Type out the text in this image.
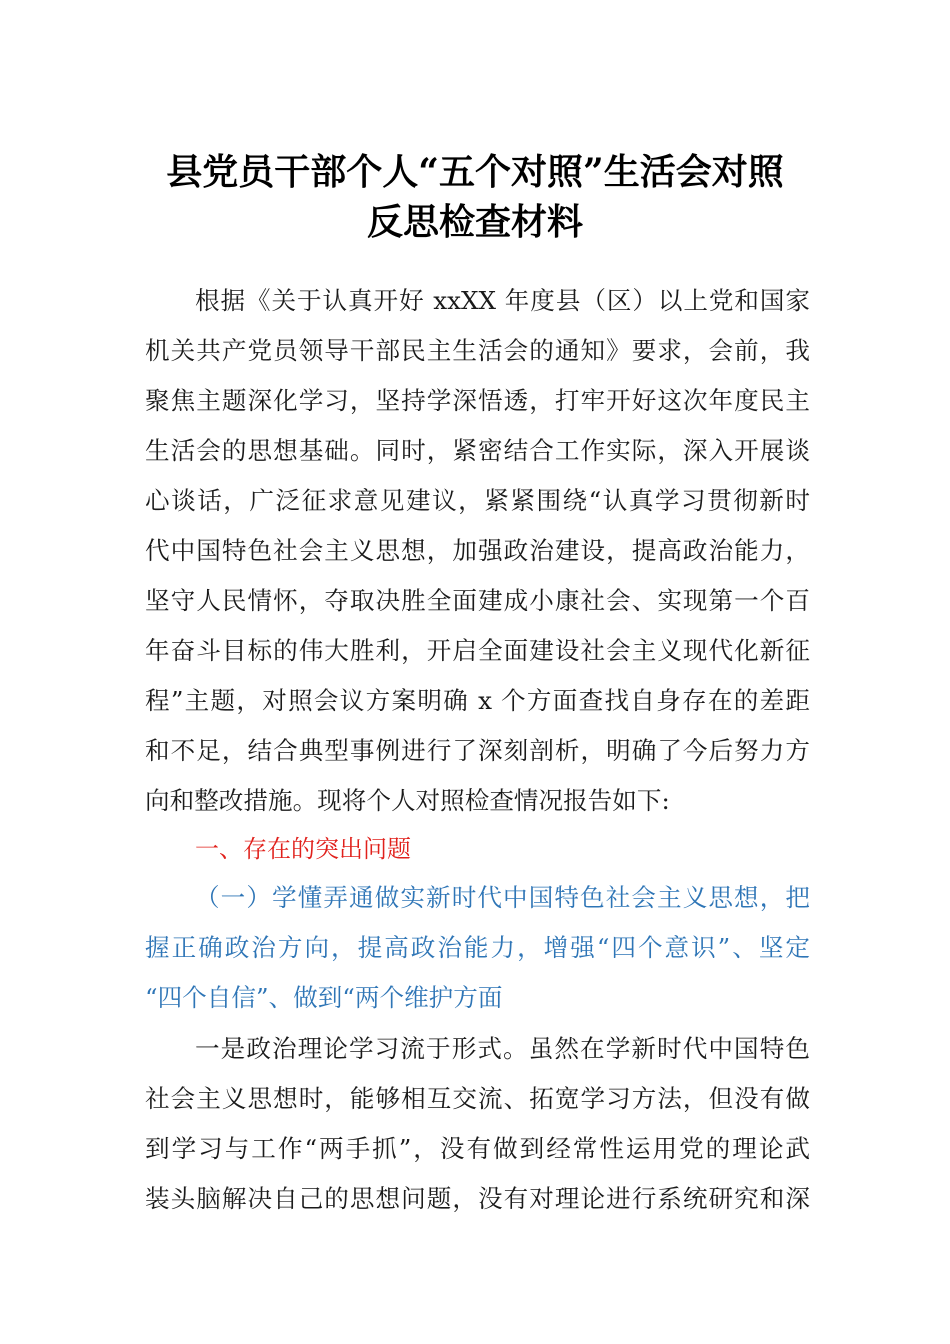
县党员干部个人“五个对照”生活会对照
反思检查材料
根据《关于认真开好 xxXX 年度县（区）以上党和国家
机关共产党员领导干部民主生活会的通知》要求，会前，我
聚焦主题深化学习，坚持学深悟透，打牢开好这次年度民主
生活会的思想基础。同时，紧密结合工作实际，深入开展谈
心谈话，广泛征求意见建议，紧紧围绕“认真学习贯彻新时
代中国特色社会主义思想，加强政治建设，提高政治能力，
坚守人民情怀，夺取决胜全面建成小康社会、实现第一个百
年奋斗目标的伟大胜利，开启全面建设社会主义现代化新征
程”主题，对照会议方案明确 x 个方面查找自身存在的差距
和不足，结合典型事例进行了深刻剖析，明确了今后努力方
向和整改措施。现将个人对照检查情况报告如下:
一、存在的突出问题
（一）学懂弄通做实新时代中国特色社会主义思想，把
握正确政治方向，提高政治能力，增强“四个意识”、坚定
“四个自信”、做到“两个维护方面
一是政治理论学习流于形式。虽然在学新时代中国特色
社会主义思想时，能够相互交流、拓宽学习方法，但没有做
到学习与工作“两手抓”，没有做到经常性运用党的理论武
装头脑解决自己的思想问题，没有对理论进行系统研究和深
